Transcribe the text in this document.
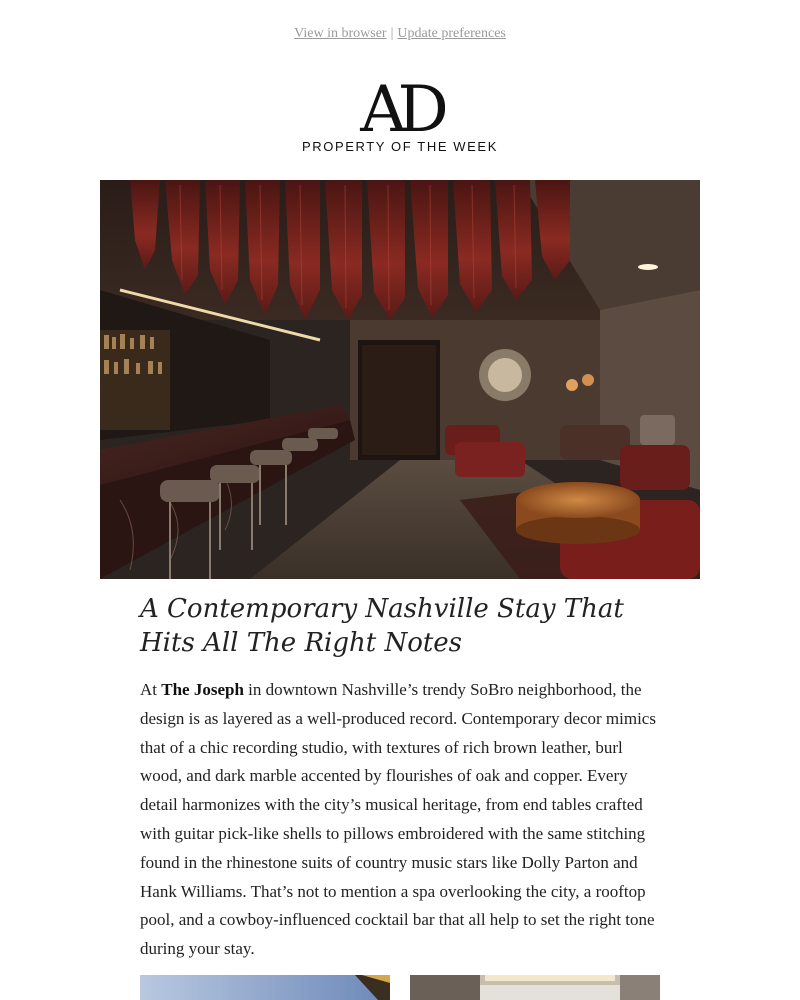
View in browser | Update preferences
AD
PROPERTY OF THE WEEK
A Contemporary Nashville Stay That Hits All The Right Notes

At The Joseph in downtown Nashville’s trendy SoBro neighborhood, the design is as layered as a well-produced record. Contemporary decor mimics that of a chic recording studio, with textures of rich brown leather, burl wood, and dark marble accented by flourishes of oak and copper. Every detail harmonizes with the city’s musical heritage, from end tables crafted with guitar pick-like shells to pillows embroidered with the same stitching found in the rhinestone suits of country music stars like Dolly Parton and Hank Williams. That’s not to mention a spa overlooking the city, a rooftop pool, and a cowboy-influenced cocktail bar that all help to set the right tone during your stay.
